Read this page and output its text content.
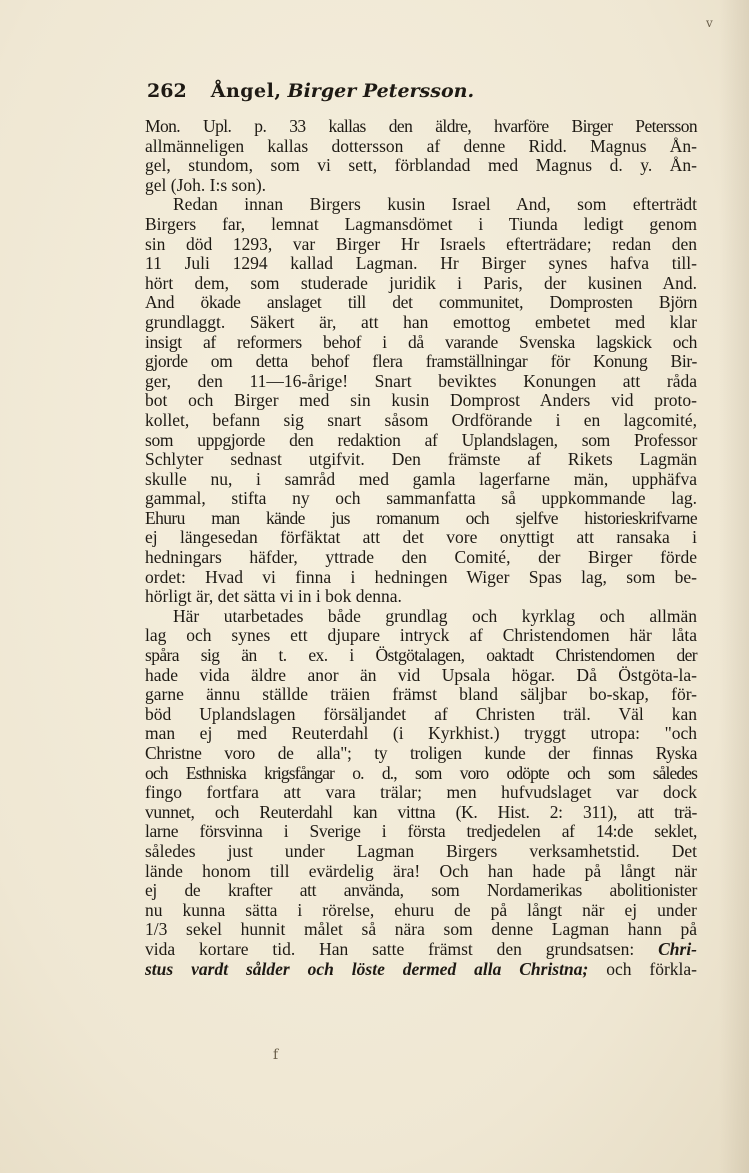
v
262 Ångel, Birger Petersson.
Mon. Upl. p. 33 kallas den äldre, hvarföre Birger Petersson
allmänneligen kallas dottersson af denne Ridd. Magnus Ån-
gel, stundom, som vi sett, förblandad med Magnus d. y. Ån-
gel (Joh. I:s son).
Redan innan Birgers kusin Israel And, som efterträdt
Birgers far, lemnat Lagmansdömet i Tiunda ledigt genom
sin död 1293, var Birger Hr Israels efterträdare; redan den
11 Juli 1294 kallad Lagman. Hr Birger synes hafva till-
hört dem, som studerade juridik i Paris, der kusinen And.
And ökade anslaget till det communitet, Domprosten Björn
grundlaggt. Säkert är, att han emottog embetet med klar
insigt af reformers behof i då varande Svenska lagskick och
gjorde om detta behof flera framställningar för Konung Bir-
ger, den 11—16-årige! Snart beviktes Konungen att råda
bot och Birger med sin kusin Domprost Anders vid proto-
kollet, befann sig snart såsom Ordförande i en lagcomité,
som uppgjorde den redaktion af Uplandslagen, som Professor
Schlyter sednast utgifvit. Den främste af Rikets Lagmän
skulle nu, i samråd med gamla lagerfarne män, upphäfva
gammal, stifta ny och sammanfatta så uppkommande lag.
Ehuru man kände jus romanum och sjelfve historieskrifvarne
ej längesedan förfäktat att det vore onyttigt att ransaka i
hedningars häfder, yttrade den Comité, der Birger förde
ordet: Hvad vi finna i hedningen Wiger Spas lag, som be-
hörligt är, det sätta vi in i bok denna.
Här utarbetades både grundlag och kyrklag och allmän
lag och synes ett djupare intryck af Christendomen här låta
spåra sig än t. ex. i Östgötalagen, oaktadt Christendomen der
hade vida äldre anor än vid Upsala högar. Då Östgöta-la-
garne ännu ställde träien främst bland säljbar bo-skap, för-
böd Uplandslagen försäljandet af Christen träl. Väl kan
man ej med Reuterdahl (i Kyrkhist.) tryggt utropa: "och
Christne voro de alla"; ty troligen kunde der finnas Ryska
och Esthniska krigsfångar o. d., som voro odöpte och som således
fingo fortfara att vara trälar; men hufvudslaget var dock
vunnet, och Reuterdahl kan vittna (K. Hist. 2: 311), att trä-
larne försvinna i Sverige i första tredjedelen af 14:de seklet,
således just under Lagman Birgers verksamhetstid. Det
lände honom till evärdelig ära! Och han hade på långt när
ej de krafter att använda, som Nordamerikas abolitionister
nu kunna sätta i rörelse, ehuru de på långt när ej under
1/3 sekel hunnit målet så nära som denne Lagman hann på
vida kortare tid. Han satte främst den grundsatsen: Chri-
stus vardt sålder och löste dermed alla Christna; och förkla-
f
